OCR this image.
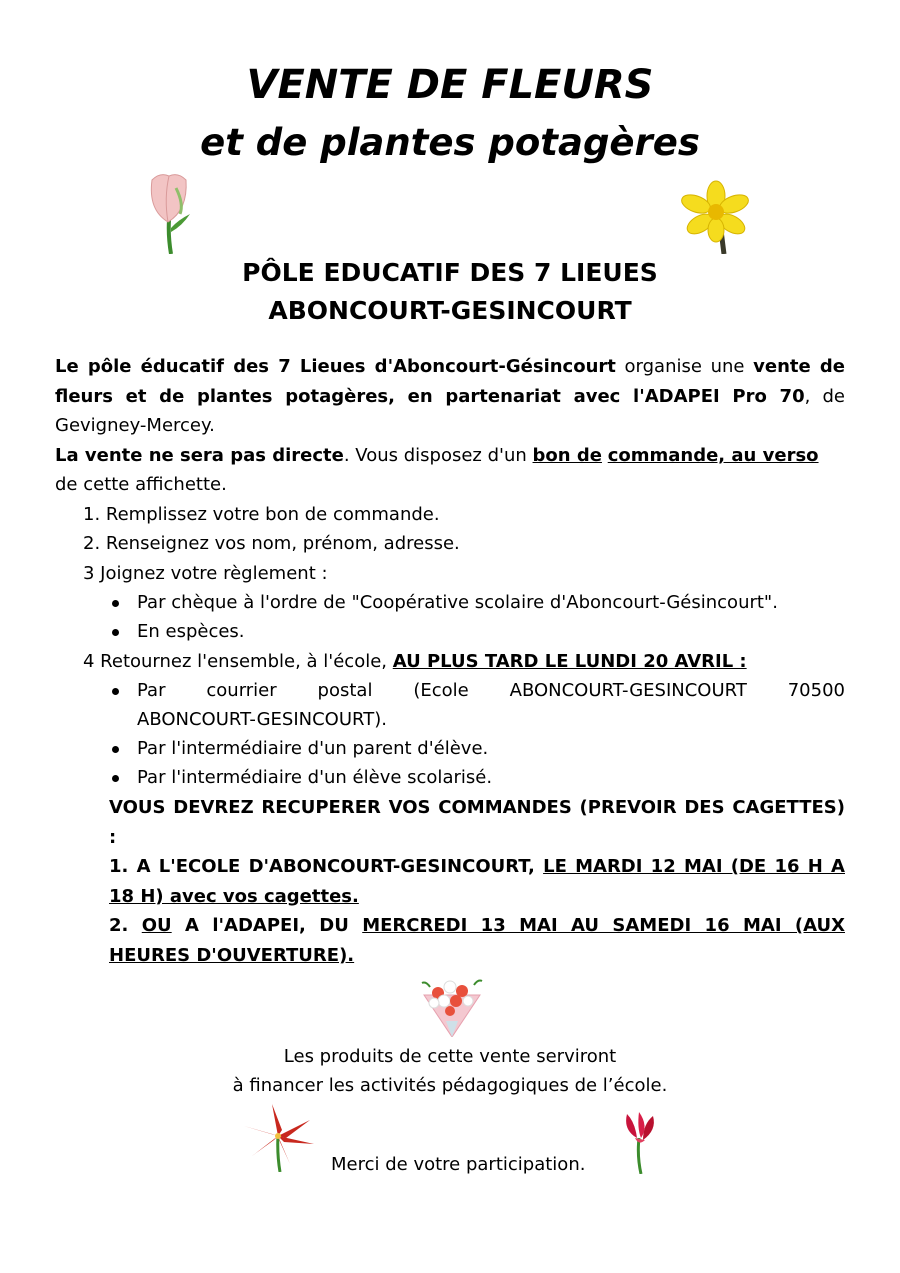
VENTE DE FLEURS
et de plantes potagères
PÔLE EDUCATIF DES 7 LIEUES
ABONCOURT-GESINCOURT
Le pôle éducatif des 7 Lieues d'Aboncourt-Gésincourt organise une vente de fleurs et de plantes potagères, en partenariat avec l'ADAPEI Pro 70, de Gevigney-Mercey.
La vente ne sera pas directe. Vous disposez d'un bon de commande, au verso
de cette affichette.
1. Remplissez votre bon de commande.
2. Renseignez vos nom, prénom, adresse.
3 Joignez votre règlement :
Par chèque à l'ordre de "Coopérative scolaire d'Aboncourt-Gésincourt".
En espèces.
4 Retournez l'ensemble, à l'école, AU PLUS TARD LE LUNDI 20 AVRIL :
Par courrier postal (Ecole ABONCOURT-GESINCOURT 70500
ABONCOURT-GESINCOURT).
Par l'intermédiaire d'un parent d'élève.
Par l'intermédiaire d'un élève scolarisé.
VOUS DEVREZ RECUPERER VOS COMMANDES (PREVOIR DES CAGETTES) :
1. A L'ECOLE D'ABONCOURT-GESINCOURT, LE MARDI 12 MAI (DE 16 H A 18 H) avec vos cagettes.
2. OU A l'ADAPEI, DU MERCREDI 13 MAI AU SAMEDI 16 MAI (AUX HEURES D'OUVERTURE).
Les produits de cette vente serviront
à financer les activités pédagogiques de l’école.
Merci de votre participation.
